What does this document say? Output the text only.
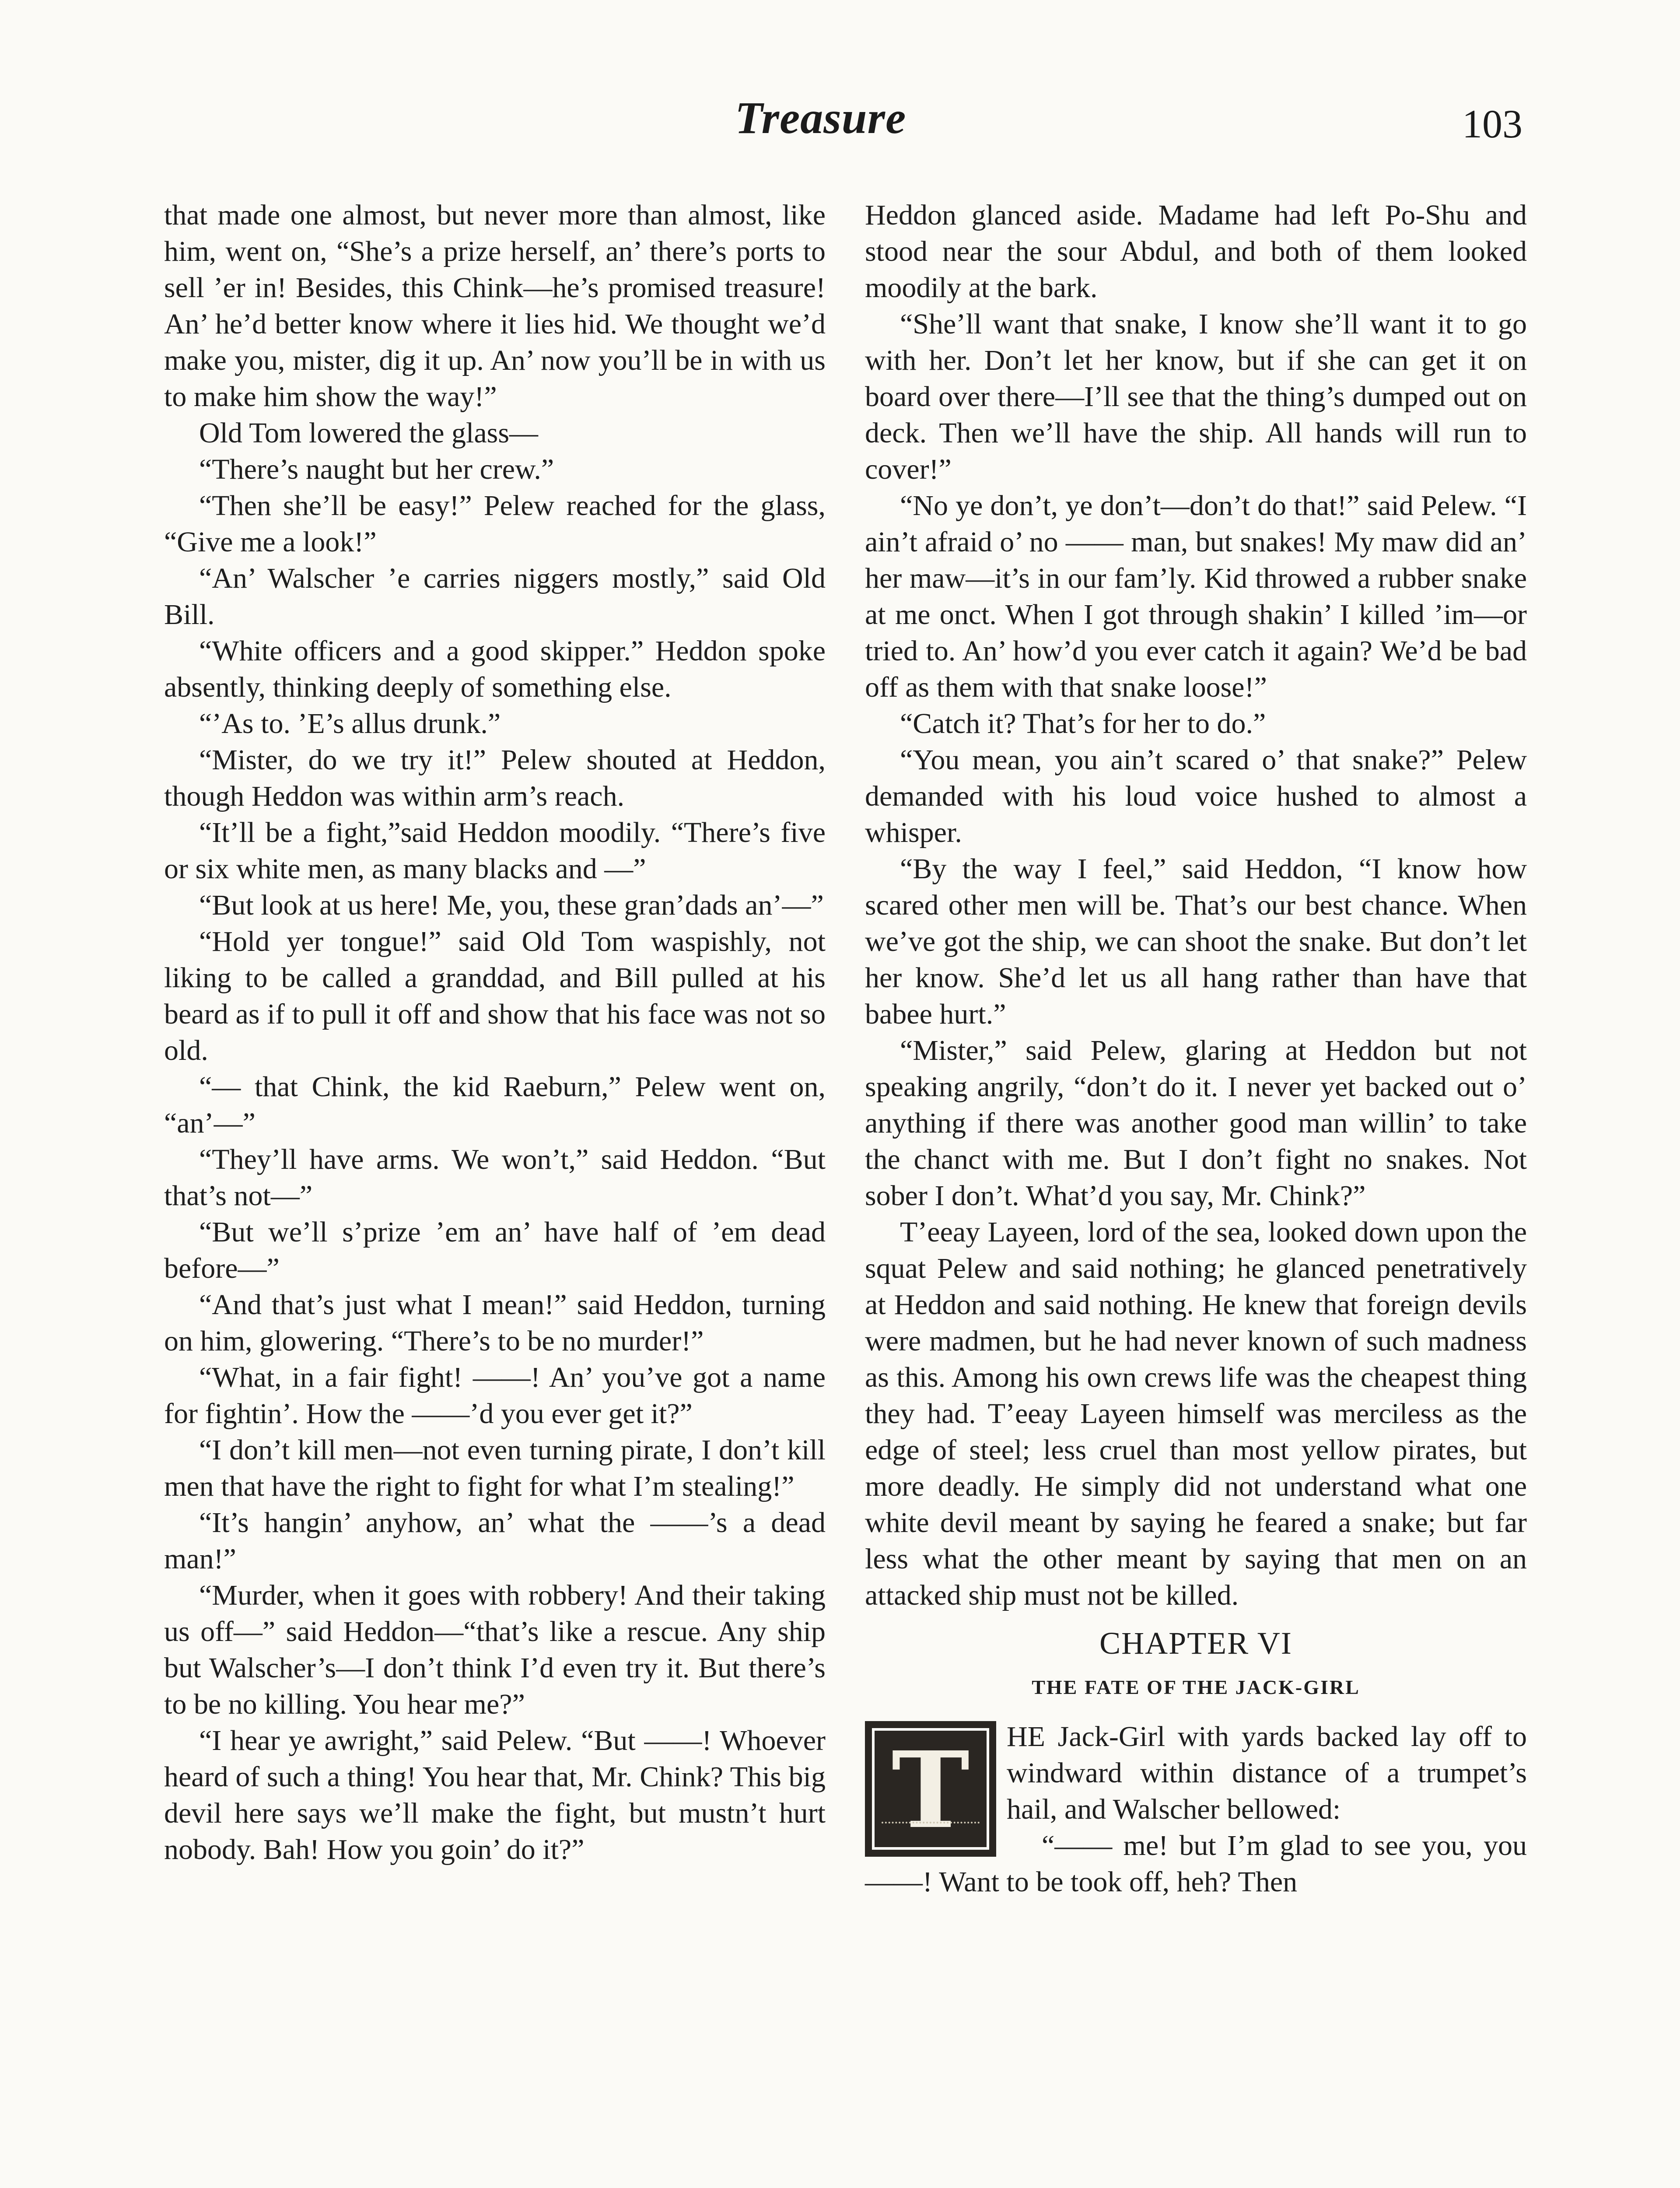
Treasure	103

that made one almost, but never more than almost, like him, went on, “She’s a prize herself, an’ there’s ports to sell ’er in! Besides, this Chink—he’s promised treasure! An’ he’d better know where it lies hid. We thought we’d make you, mister, dig it up. An’ now you’ll be in with us to make him show the way!”

Old Tom lowered the glass—

“There’s naught but her crew.”

“Then she’ll be easy!” Pelew reached for the glass, “Give me a look!”

“An’ Walscher ’e carries niggers mostly,” said Old Bill.

“White officers and a good skipper.” Heddon spoke absently, thinking deeply of something else.

“’As to. ’E’s allus drunk.”

“Mister, do we try it!” Pelew shouted at Heddon, though Heddon was within arm’s reach.

“It’ll be a fight,”said Heddon moodily. “There’s five or six white men, as many blacks and —”

“But look at us here! Me, you, these gran’dads an’—”

“Hold yer tongue!” said Old Tom waspishly, not liking to be called a granddad, and Bill pulled at his beard as if to pull it off and show that his face was not so old.

“— that Chink, the kid Raeburn,” Pelew went on, “an’—”

“They’ll have arms. We won’t,” said Heddon. “But that’s not—”

“But we’ll s’prize ’em an’ have half of ’em dead before—”

“And that’s just what I mean!” said Heddon, turning on him, glowering. “There’s to be no murder!”

“What, in a fair fight! ——! An’ you’ve got a name for fightin’. How the ——’d you ever get it?”

“I don’t kill men—not even turning pirate, I don’t kill men that have the right to fight for what I’m stealing!”

“It’s hangin’ anyhow, an’ what the ——’s a dead man!”

“Murder, when it goes with robbery! And their taking us off—” said Heddon—“that’s like a rescue. Any ship but Walscher’s—I don’t think I’d even try it. But there’s to be no killing. You hear me?”

“I hear ye awright,” said Pelew. “But ——! Whoever heard of such a thing! You hear that, Mr. Chink? This big devil here says we’ll make the fight, but mustn’t hurt nobody. Bah! How you goin’ do it?”

Heddon glanced aside. Madame had left Po-Shu and stood near the sour Abdul, and both of them looked moodily at the bark.

“She’ll want that snake, I know she’ll want it to go with her. Don’t let her know, but if she can get it on board over there—I’ll see that the thing’s dumped out on deck. Then we’ll have the ship. All hands will run to cover!”

“No ye don’t, ye don’t—don’t do that!” said Pelew. “I ain’t afraid o’ no —— man, but snakes! My maw did an’ her maw—it’s in our fam’ly. Kid throwed a rubber snake at me onct. When I got through shakin’ I killed ’im—or tried to. An’ how’d you ever catch it again? We’d be bad off as them with that snake loose!”

“Catch it? That’s for her to do.”

“You mean, you ain’t scared o’ that snake?” Pelew demanded with his loud voice hushed to almost a whisper.

“By the way I feel,” said Heddon, “I know how scared other men will be. That’s our best chance. When we’ve got the ship, we can shoot the snake. But don’t let her know. She’d let us all hang rather than have that babee hurt.”

“Mister,” said Pelew, glaring at Heddon but not speaking angrily, “don’t do it. I never yet backed out o’ anything if there was another good man willin’ to take the chanct with me. But I don’t fight no snakes. Not sober I don’t. What’d you say, Mr. Chink?”

T’eeay Layeen, lord of the sea, looked down upon the squat Pelew and said nothing; he glanced penetratively at Heddon and said nothing. He knew that foreign devils were madmen, but he had never known of such madness as this. Among his own crews life was the cheapest thing they had. T’eeay Layeen himself was merciless as the edge of steel; less cruel than most yellow pirates, but more deadly. He simply did not understand what one white devil meant by saying he feared a snake; but far less what the other meant by saying that men on an attacked ship must not be killed.

CHAPTER VI
THE FATE OF THE JACK-GIRL
T	HE Jack-Girl with yards backed lay off to windward within distance of a trumpet’s hail, and Walscher bellowed:

“—— me! but I’m glad to see you, you ——! Want to be took off, heh? Then
